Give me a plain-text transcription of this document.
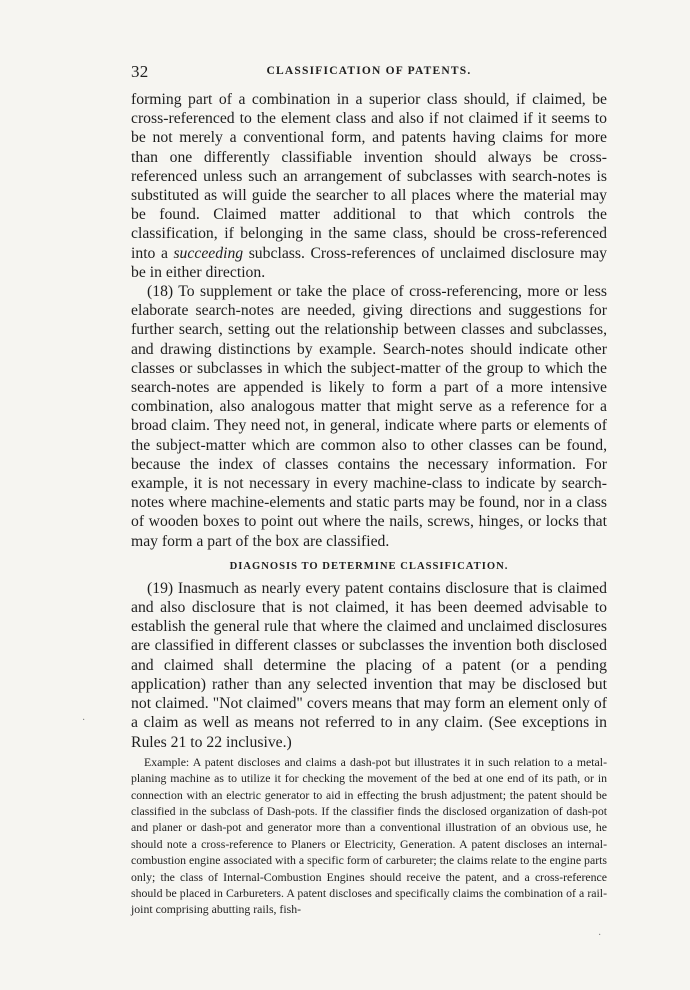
32	CLASSIFICATION OF PATENTS.

forming part of a combination in a superior class should, if claimed, be cross-referenced to the element class and also if not claimed if it seems to be not merely a conventional form, and patents having claims for more than one differently classifiable invention should always be cross-referenced unless such an arrangement of subclasses with search-notes is substituted as will guide the searcher to all places where the material may be found. Claimed matter additional to that which controls the classification, if belonging in the same class, should be cross-referenced into a succeeding subclass. Cross-references of unclaimed disclosure may be in either direction.

(18) To supplement or take the place of cross-referencing, more or less elaborate search-notes are needed, giving directions and suggestions for further search, setting out the relationship between classes and subclasses, and drawing distinctions by example. Search-notes should indicate other classes or subclasses in which the subject-matter of the group to which the search-notes are appended is likely to form a part of a more intensive combination, also analogous matter that might serve as a reference for a broad claim. They need not, in general, indicate where parts or elements of the subject-matter which are common also to other classes can be found, because the index of classes contains the necessary information. For example, it is not necessary in every machine-class to indicate by search-notes where machine-elements and static parts may be found, nor in a class of wooden boxes to point out where the nails, screws, hinges, or locks that may form a part of the box are classified.

DIAGNOSIS TO DETERMINE CLASSIFICATION.

(19) Inasmuch as nearly every patent contains disclosure that is claimed and also disclosure that is not claimed, it has been deemed advisable to establish the general rule that where the claimed and unclaimed disclosures are classified in different classes or subclasses the invention both disclosed and claimed shall determine the placing of a patent (or a pending application) rather than any selected invention that may be disclosed but not claimed. "Not claimed" covers means that may form an element only of a claim as well as means not referred to in any claim. (See exceptions in Rules 21 to 22 inclusive.)

Example: A patent discloses and claims a dash-pot but illustrates it in such relation to a metal-planing machine as to utilize it for checking the movement of the bed at one end of its path, or in connection with an electric generator to aid in effecting the brush adjustment; the patent should be classified in the subclass of Dash-pots. If the classifier finds the disclosed organization of dash-pot and planer or dash-pot and generator more than a conventional illustration of an obvious use, he should note a cross-reference to Planers or Electricity, Generation. A patent discloses an internal-combustion engine associated with a specific form of carbureter; the claims relate to the engine parts only; the class of Internal-Combustion Engines should receive the patent, and a cross-reference should be placed in Carbureters. A patent discloses and specifically claims the combination of a rail-joint comprising abutting rails, fish-

·
·
